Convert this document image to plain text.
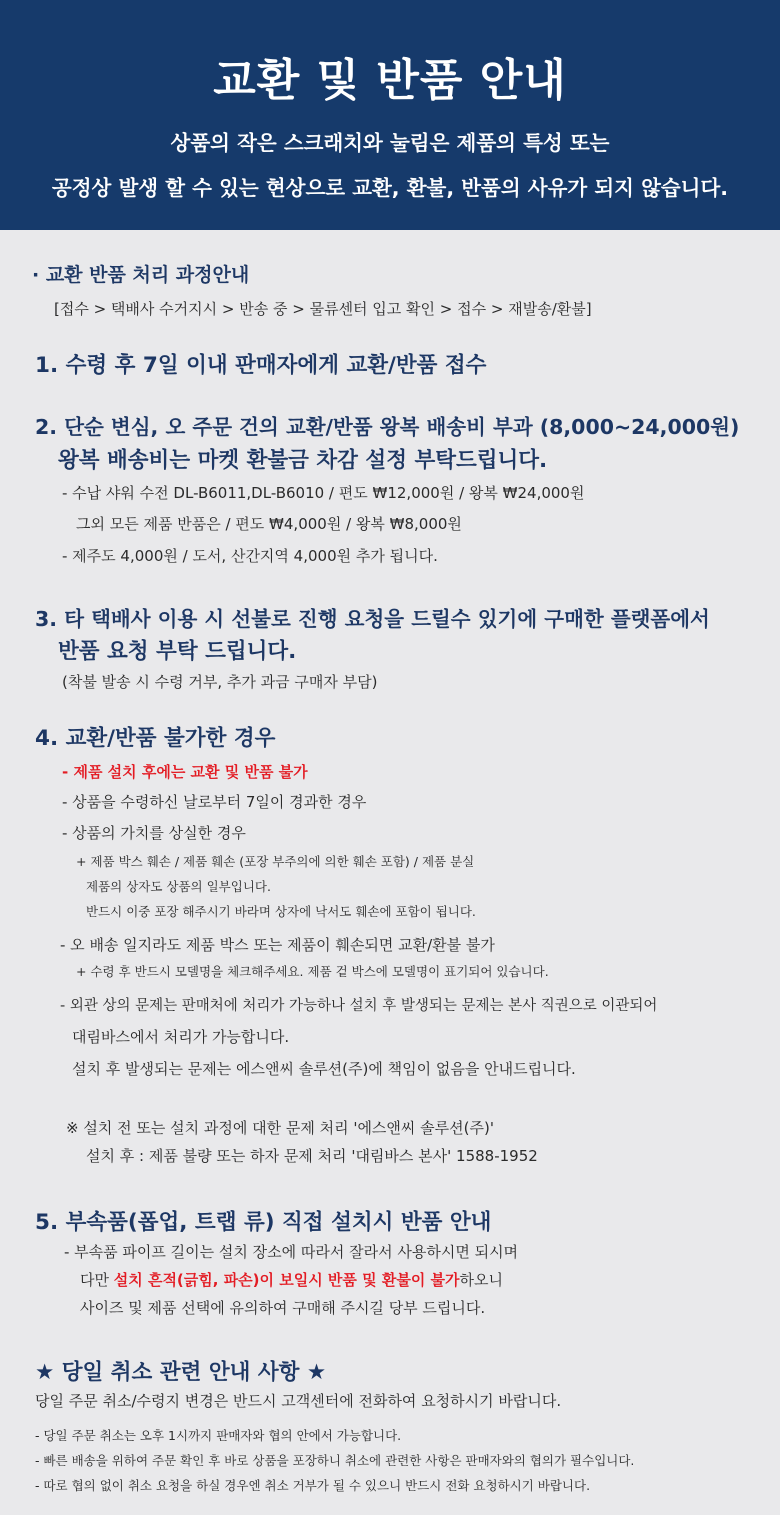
교환 및 반품 안내
상품의 작은 스크래치와 눌림은 제품의 특성 또는
공정상 발생 할 수 있는 현상으로 교환, 환불, 반품의 사유가 되지 않습니다.
· 교환 반품 처리 과정안내
[접수 > 택배사 수거지시 > 반송 중 > 물류센터 입고 확인 > 접수 > 재발송/환불]
1. 수령 후 7일 이내 판매자에게 교환/반품 접수
2. 단순 변심, 오 주문 건의 교환/반품 왕복 배송비 부과 (8,000~24,000원)
왕복 배송비는 마켓 환불금 차감 설정 부탁드립니다.
- 수납 샤워 수전 DL-B6011,DL-B6010 / 편도 ₩12,000원 / 왕복 ₩24,000원
그외 모든 제품 반품은 / 편도 ₩4,000원 / 왕복 ₩8,000원
- 제주도 4,000원 / 도서, 산간지역 4,000원 추가 됩니다.
3. 타 택배사 이용 시 선불로 진행 요청을 드릴수 있기에 구매한 플랫폼에서
반품 요청 부탁 드립니다.
(착불 발송 시 수령 거부, 추가 과금 구매자 부담)
4. 교환/반품 불가한 경우
- 제품 설치 후에는 교환 및 반품 불가
- 상품을 수령하신 날로부터 7일이 경과한 경우
- 상품의 가치를 상실한 경우
+ 제품 박스 훼손 / 제품 훼손 (포장 부주의에 의한 훼손 포함) / 제품 분실
제품의 상자도 상품의 일부입니다.
반드시 이중 포장 해주시기 바라며 상자에 낙서도 훼손에 포함이 됩니다.
- 오 배송 일지라도 제품 박스 또는 제품이 훼손되면 교환/환불 불가
+ 수령 후 반드시 모델명을 체크해주세요. 제품 겉 박스에 모델명이 표기되어 있습니다.
- 외관 상의 문제는 판매처에 처리가 가능하나 설치 후 발생되는 문제는 본사 직권으로 이관되어
대림바스에서 처리가 가능합니다.
설치 후 발생되는 문제는 에스앤씨 솔루션(주)에 책임이 없음을 안내드립니다.
※ 설치 전 또는 설치 과정에 대한 문제 처리 '에스앤씨 솔루션(주)'
설치 후 : 제품 불량 또는 하자 문제 처리 '대림바스 본사' 1588-1952
5. 부속품(폽업, 트랩 류) 직접 설치시 반품 안내
- 부속품 파이프 길이는 설치 장소에 따라서 잘라서 사용하시면 되시며
다만 설치 흔적(긁힘, 파손)이 보일시 반품 및 환불이 불가하오니
사이즈 및 제품 선택에 유의하여 구매해 주시길 당부 드립니다.
★ 당일 취소 관련 안내 사항 ★
당일 주문 취소/수령지 변경은 반드시 고객센터에 전화하여 요청하시기 바랍니다.
- 당일 주문 취소는 오후 1시까지 판매자와 협의 안에서 가능합니다.
- 빠른 배송을 위하여 주문 확인 후 바로 상품을 포장하니 취소에 관련한 사항은 판매자와의 협의가 필수입니다.
- 따로 협의 없이 취소 요청을 하실 경우엔 취소 거부가 될 수 있으니 반드시 전화 요청하시기 바랍니다.
